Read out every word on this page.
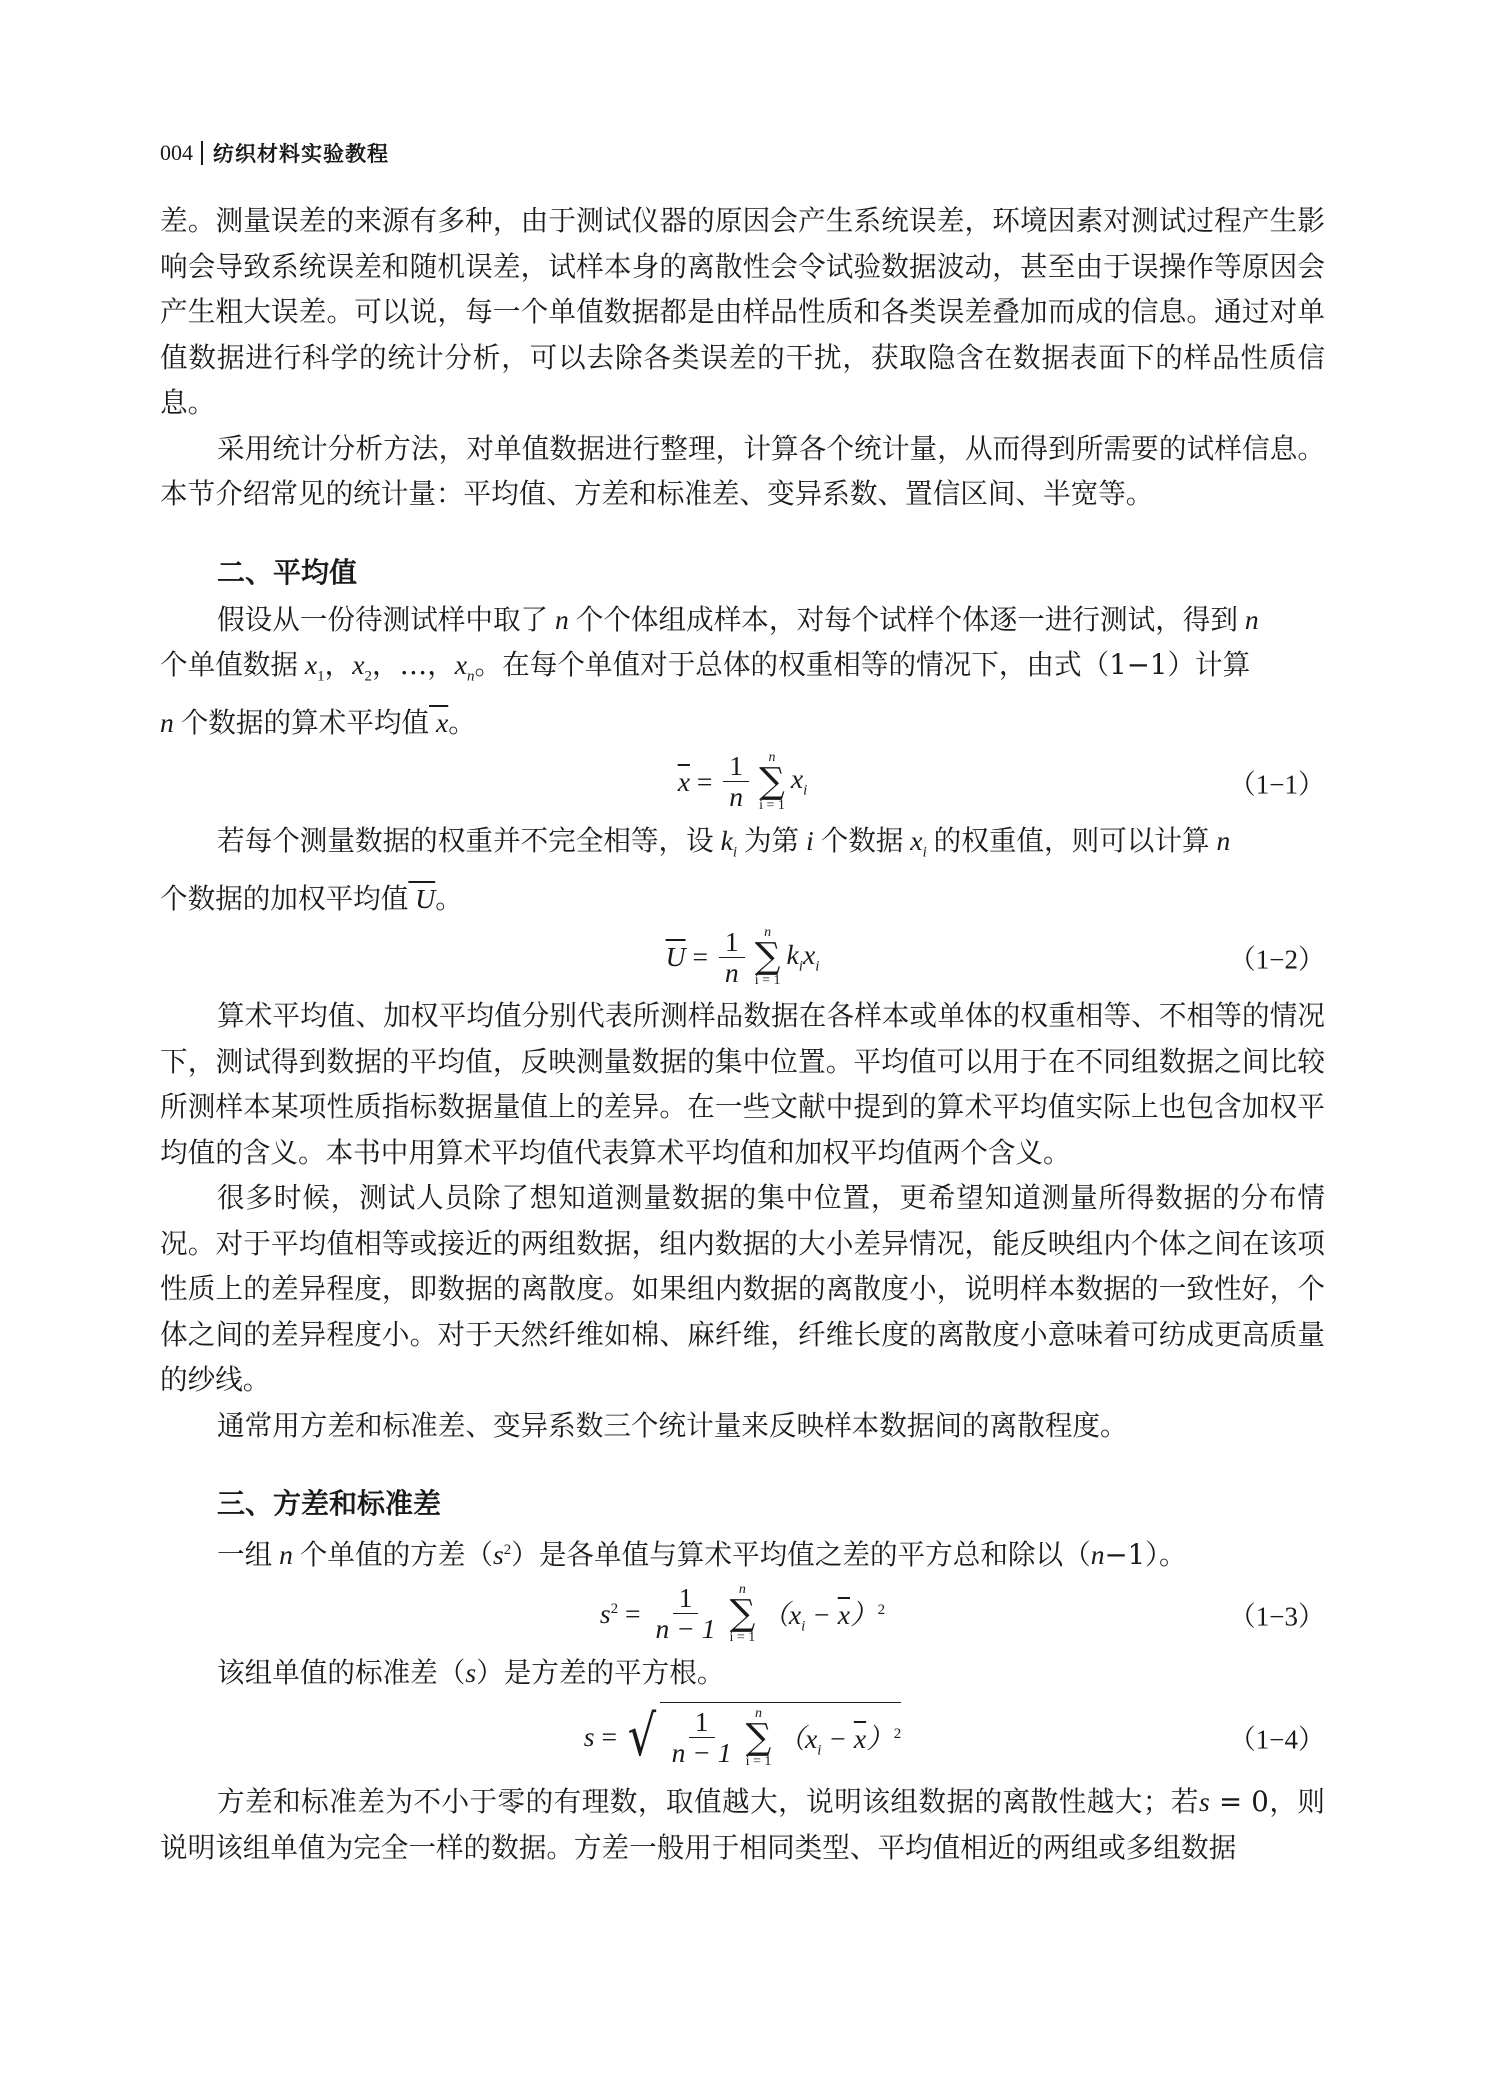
004 纺织材料实验教程

差。测量误差的来源有多种，由于测试仪器的原因会产生系统误差，环境因素对测试过程产生影响会导致系统误差和随机误差，试样本身的离散性会令试验数据波动，甚至由于误操作等原因会产生粗大误差。可以说，每一个单值数据都是由样品性质和各类误差叠加而成的信息。通过对单值数据进行科学的统计分析，可以去除各类误差的干扰，获取隐含在数据表面下的样品性质信息。

采用统计分析方法，对单值数据进行整理，计算各个统计量，从而得到所需要的试样信息。本节介绍常见的统计量：平均值、方差和标准差、变异系数、置信区间、半宽等。

二、平均值

假设从一份待测试样中取了 n 个个体组成样本，对每个试样个体逐一进行测试，得到 n
个单值数据 $x_1$，$x_2$，…，$x_n$。在每个单值对于总体的权重相等的情况下，由式（1−1）计算
n 个数据的算术平均值 x。

$\overline{x} = \frac{1}{n}$ n
∑
i = 1
$x_i$	（1−1）

若每个测量数据的权重并不完全相等，设 $k_i$ 为第 i 个数据 $x_i$ 的权重值，则可以计算 n
个数据的加权平均值 U。

$\overline{U} = \frac{1}{n}$ n
∑
i = 1
$k_ix_i$	（1−2）

算术平均值、加权平均值分别代表所测样品数据在各样本或单体的权重相等、不相等的情况下，测试得到数据的平均值，反映测量数据的集中位置。平均值可以用于在不同组数据之间比较所测样本某项性质指标数据量值上的差异。在一些文献中提到的算术平均值实际上也包含加权平均值的含义。本书中用算术平均值代表算术平均值和加权平均值两个含义。

很多时候，测试人员除了想知道测量数据的集中位置，更希望知道测量所得数据的分布情况。对于平均值相等或接近的两组数据，组内数据的大小差异情况，能反映组内个体之间在该项性质上的差异程度，即数据的离散度。如果组内数据的离散度小，说明样本数据的一致性好，个体之间的差异程度小。对于天然纤维如棉、麻纤维，纤维长度的离散度小意味着可纺成更高质量的纱线。

通常用方差和标准差、变异系数三个统计量来反映样本数据间的离散程度。

三、方差和标准差

一组 n 个单值的方差$(s^2)$是各单值与算术平均值之差的平方总和除以（n−1）。

$s^2 = \frac{1}{n - 1}$ n
∑
i = 1
$(x_i - \overline{x})^2$	（1−3）

该组单值的标准差（s）是方差的平方根。

s = √ $\frac{1}{n - 1}$ n
∑
i = 1
$(x_i - \overline{x})^2$	（1−4）

方差和标准差为不小于零的有理数，取值越大，说明该组数据的离散性越大；若s = 0，则说明该组单值为完全一样的数据。方差一般用于相同类型、平均值相近的两组或多组数据
